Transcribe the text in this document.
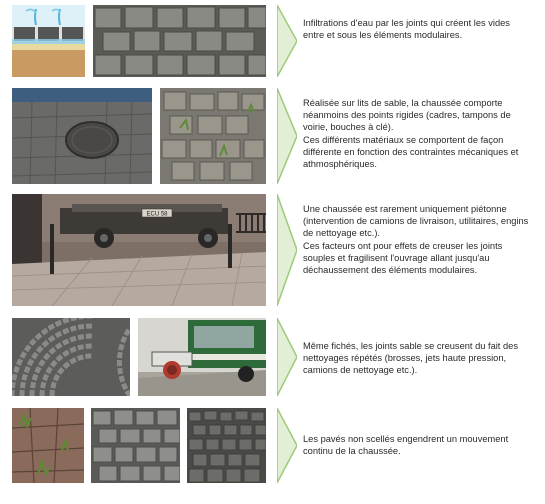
Infiltrations d'eau par les joints qui créent les vides entre et sous les éléments modulaires.

Réalisée sur lits de sable, la chaussée comporte néanmoins des points rigides (cadres, tampons de voirie, bouches à clé).

Ces différents matériaux se comportent de façon différente en fonction des contraintes mécaniques et athmosphériques.

ECU 58

Une chaussée est rarement uniquement piétonne (intervention de camions de livraison, utilitaires, engins de nettoyage etc.).

Ces facteurs ont pour effets de creuser les joints souples et fragilisent l'ouvrage allant jusqu'au déchaussement des éléments modulaires.

Même fichés, les joints sable se creusent du fait des nettoyages répétés (brosses, jets haute pression, camions de nettoyage etc.).

Les pavés non scellés engendrent un mouvement continu de la chaussée.
